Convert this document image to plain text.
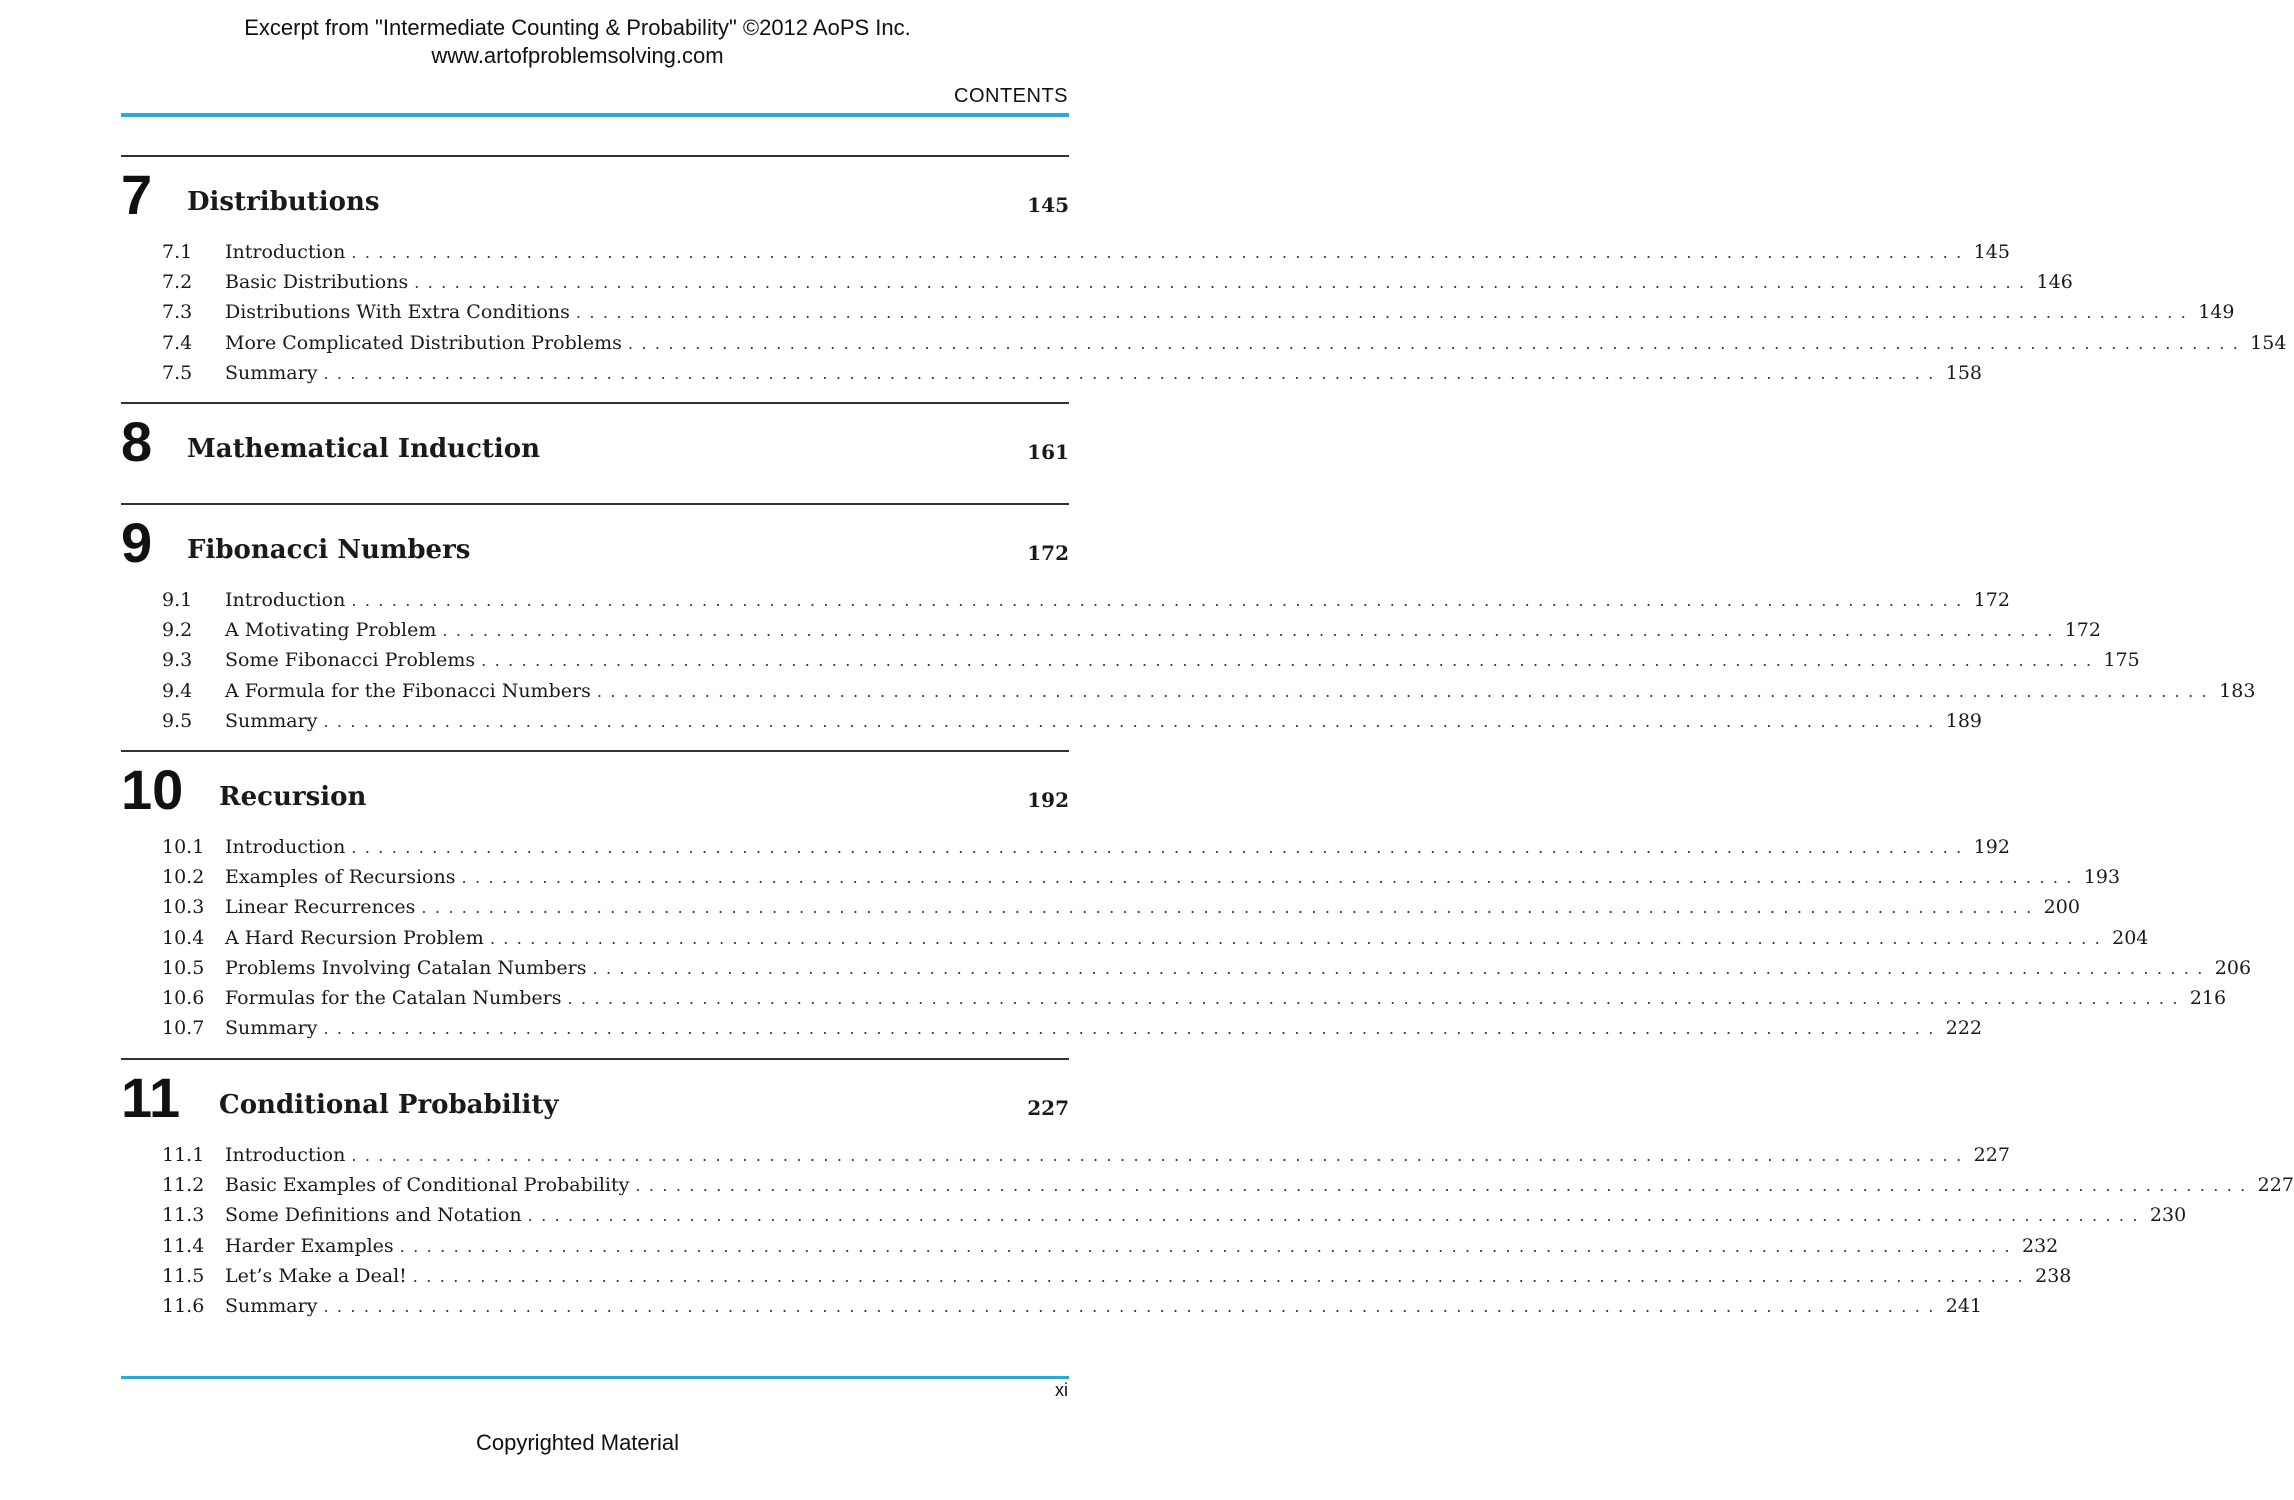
Excerpt from "Intermediate Counting & Probability" ©2012 AoPS Inc.
www.artofproblemsolving.com
CONTENTS
7 Distributions	145
7.1 Introduction ........................................................................................................................ 145
7.2 Basic Distributions ........................................................................................................................ 146
7.3 Distributions With Extra Conditions ........................................................................................................................ 149
7.4 More Complicated Distribution Problems ........................................................................................................................ 154
7.5 Summary ........................................................................................................................ 158
8 Mathematical Induction	161
9 Fibonacci Numbers	172
9.1 Introduction ........................................................................................................................ 172
9.2 A Motivating Problem ........................................................................................................................ 172
9.3 Some Fibonacci Problems ........................................................................................................................ 175
9.4 A Formula for the Fibonacci Numbers ........................................................................................................................ 183
9.5 Summary ........................................................................................................................ 189
10 Recursion	192
10.1 Introduction ........................................................................................................................ 192
10.2 Examples of Recursions ........................................................................................................................ 193
10.3 Linear Recurrences ........................................................................................................................ 200
10.4 A Hard Recursion Problem ........................................................................................................................ 204
10.5 Problems Involving Catalan Numbers ........................................................................................................................ 206
10.6 Formulas for the Catalan Numbers ........................................................................................................................ 216
10.7 Summary ........................................................................................................................ 222
11 Conditional Probability	227
11.1 Introduction ........................................................................................................................ 227
11.2 Basic Examples of Conditional Probability ........................................................................................................................ 227
11.3 Some Definitions and Notation ........................................................................................................................ 230
11.4 Harder Examples ........................................................................................................................ 232
11.5 Let’s Make a Deal! ........................................................................................................................ 238
11.6 Summary ........................................................................................................................ 241
xi
Copyrighted Material
